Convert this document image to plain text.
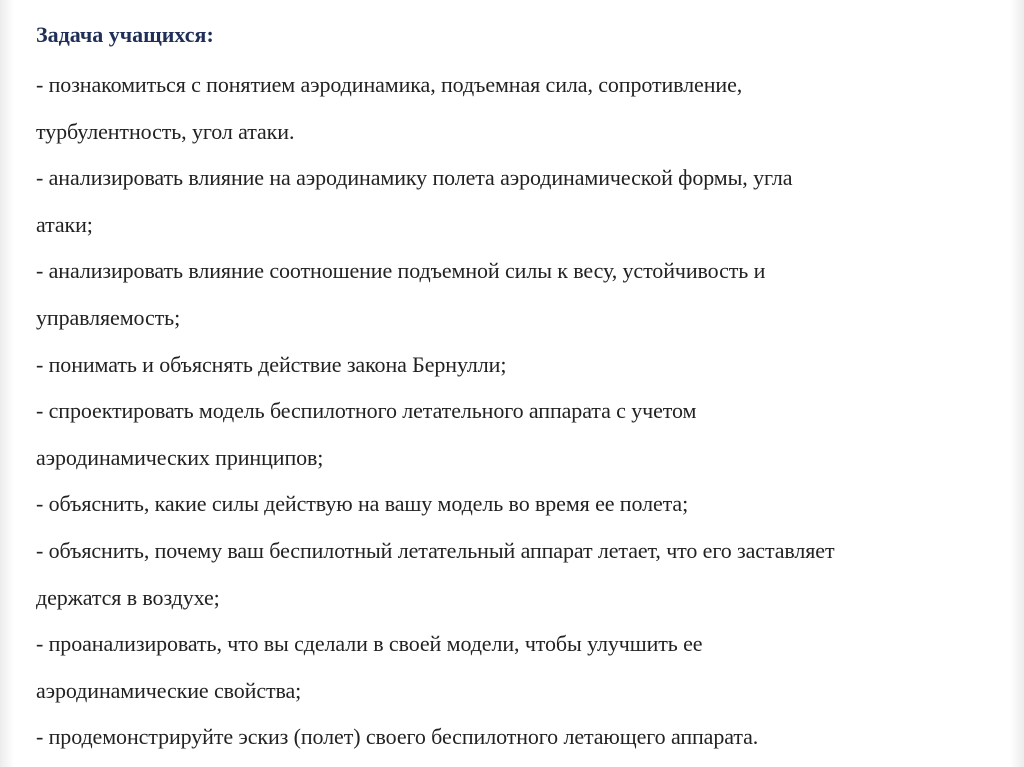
Задача учащихся:
- познакомиться с понятием аэродинамика, подъемная сила, сопротивление,
турбулентность, угол атаки.
- анализировать влияние на аэродинамику полета аэродинамической формы, угла
атаки;
- анализировать влияние соотношение подъемной силы к весу, устойчивость и
управляемость;
- понимать и объяснять действие закона Бернулли;
- спроектировать модель беспилотного летательного аппарата с учетом
аэродинамических принципов;
- объяснить, какие силы действую на вашу модель во время ее полета;
- объяснить, почему ваш беспилотный летательный аппарат летает, что его заставляет
держатся в воздухе;
- проанализировать, что вы сделали в своей модели, чтобы улучшить ее
аэродинамические свойства;
- продемонстрируйте эскиз (полет) своего беспилотного летающего аппарата.
